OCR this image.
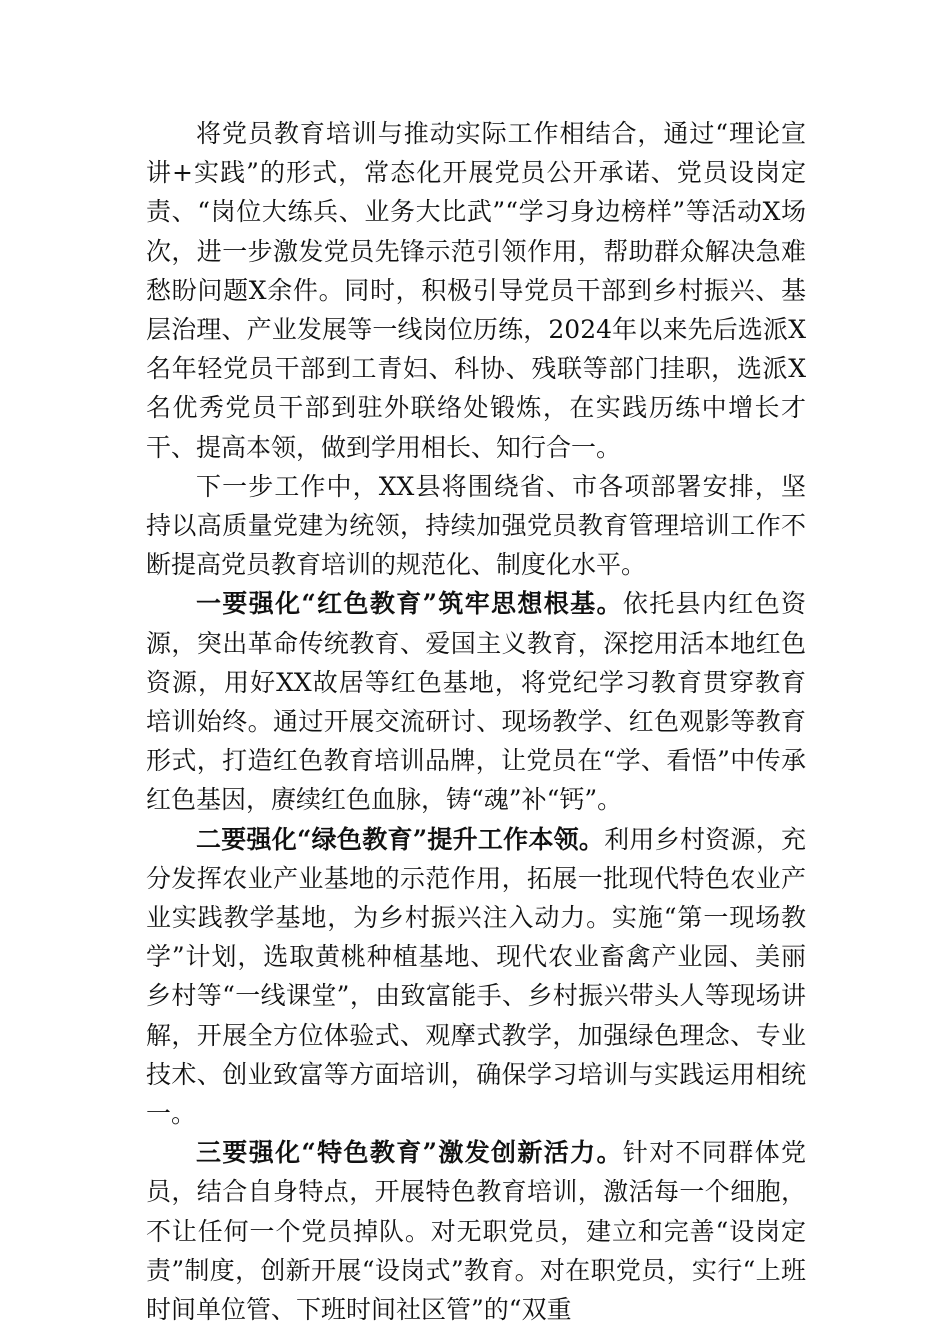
将党员教育培训与推动实际工作相结合，通过“理论宣讲+实践”的形式，常态化开展党员公开承诺、党员设岗定责、“岗位大练兵、业务大比武”“学习身边榜样”等活动X场次，进一步激发党员先锋示范引领作用，帮助群众解决急难愁盼问题X余件。同时，积极引导党员干部到乡村振兴、基层治理、产业发展等一线岗位历练，2024年以来先后选派X名年轻党员干部到工青妇、科协、残联等部门挂职，选派X名优秀党员干部到驻外联络处锻炼，在实践历练中增长才干、提高本领，做到学用相长、知行合一。

下一步工作中，XX县将围绕省、市各项部署安排，坚持以高质量党建为统领，持续加强党员教育管理培训工作不断提高党员教育培训的规范化、制度化水平。

一要强化“红色教育”筑牢思想根基。依托县内红色资源，突出革命传统教育、爱国主义教育，深挖用活本地红色资源，用好XX故居等红色基地，将党纪学习教育贯穿教育培训始终。通过开展交流研讨、现场教学、红色观影等教育形式，打造红色教育培训品牌，让党员在“学、看悟”中传承红色基因，赓续红色血脉，铸“魂”补“钙”。

二要强化“绿色教育”提升工作本领。利用乡村资源，充分发挥农业产业基地的示范作用，拓展一批现代特色农业产业实践教学基地，为乡村振兴注入动力。实施“第一现场教学”计划，选取黄桃种植基地、现代农业畜禽产业园、美丽乡村等“一线课堂”，由致富能手、乡村振兴带头人等现场讲解，开展全方位体验式、观摩式教学，加强绿色理念、专业技术、创业致富等方面培训，确保学习培训与实践运用相统一。

三要强化“特色教育”激发创新活力。针对不同群体党员，结合自身特点，开展特色教育培训，激活每一个细胞，不让任何一个党员掉队。对无职党员，建立和完善“设岗定责”制度，创新开展“设岗式”教育。对在职党员，实行“上班时间单位管、下班时间社区管”的“双重
